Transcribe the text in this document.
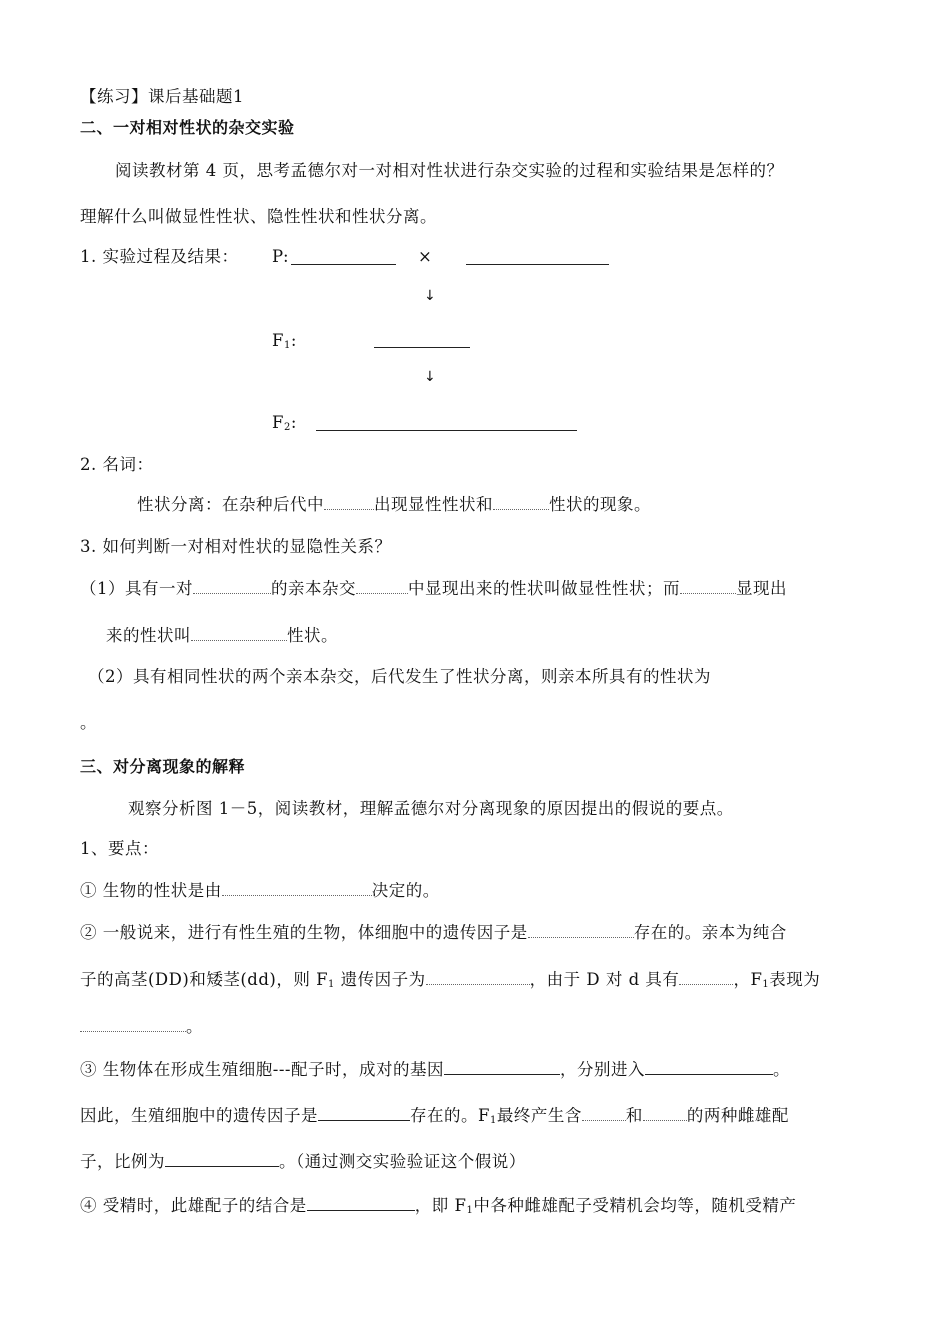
【练习】课后基础题1
二、一对相对性状的杂交实验
阅读教材第 4 页，思考孟德尔对一对相对性状进行杂交实验的过程和实验结果是怎样的？
理解什么叫做显性性状、隐性性状和性状分离。
1. 实验过程及结果： P:	×
↓
$F_1$:
↓
$F_2$:
2. 名词：
性状分离：在杂种后代中	出现显性性状和	性状的现象。
3. 如何判断一对相对性状的显隐性关系？
（1）具有一对	的亲本杂交	中显现出来的性状叫做显性性状；而	显现出
来的性状叫	性状。
（2）具有相同性状的两个亲本杂交，后代发生了性状分离，则亲本所具有的性状为
。
三、对分离现象的解释
观察分析图 1－5，阅读教材，理解孟德尔对分离现象的原因提出的假说的要点。
1、要点：
① 生物的性状是由	决定的。
② 一般说来，进行有性生殖的生物，体细胞中的遗传因子是	存在的。亲本为纯合
子的高茎(DD)和矮茎(dd)，则 $F_1$ 遗传因子为	，由于 D 对 d 具有	，$F_1$表现为
。
③ 生物体在形成生殖细胞---配子时，成对的基因	，分别进入	。
因此，生殖细胞中的遗传因子是	存在的。$F_1$最终产生含	和	的两种雌雄配
子，比例为	。（通过测交实验验证这个假说）
④ 受精时，此雄配子的结合是	，即 $F_1$中各种雌雄配子受精机会均等，随机受精产
